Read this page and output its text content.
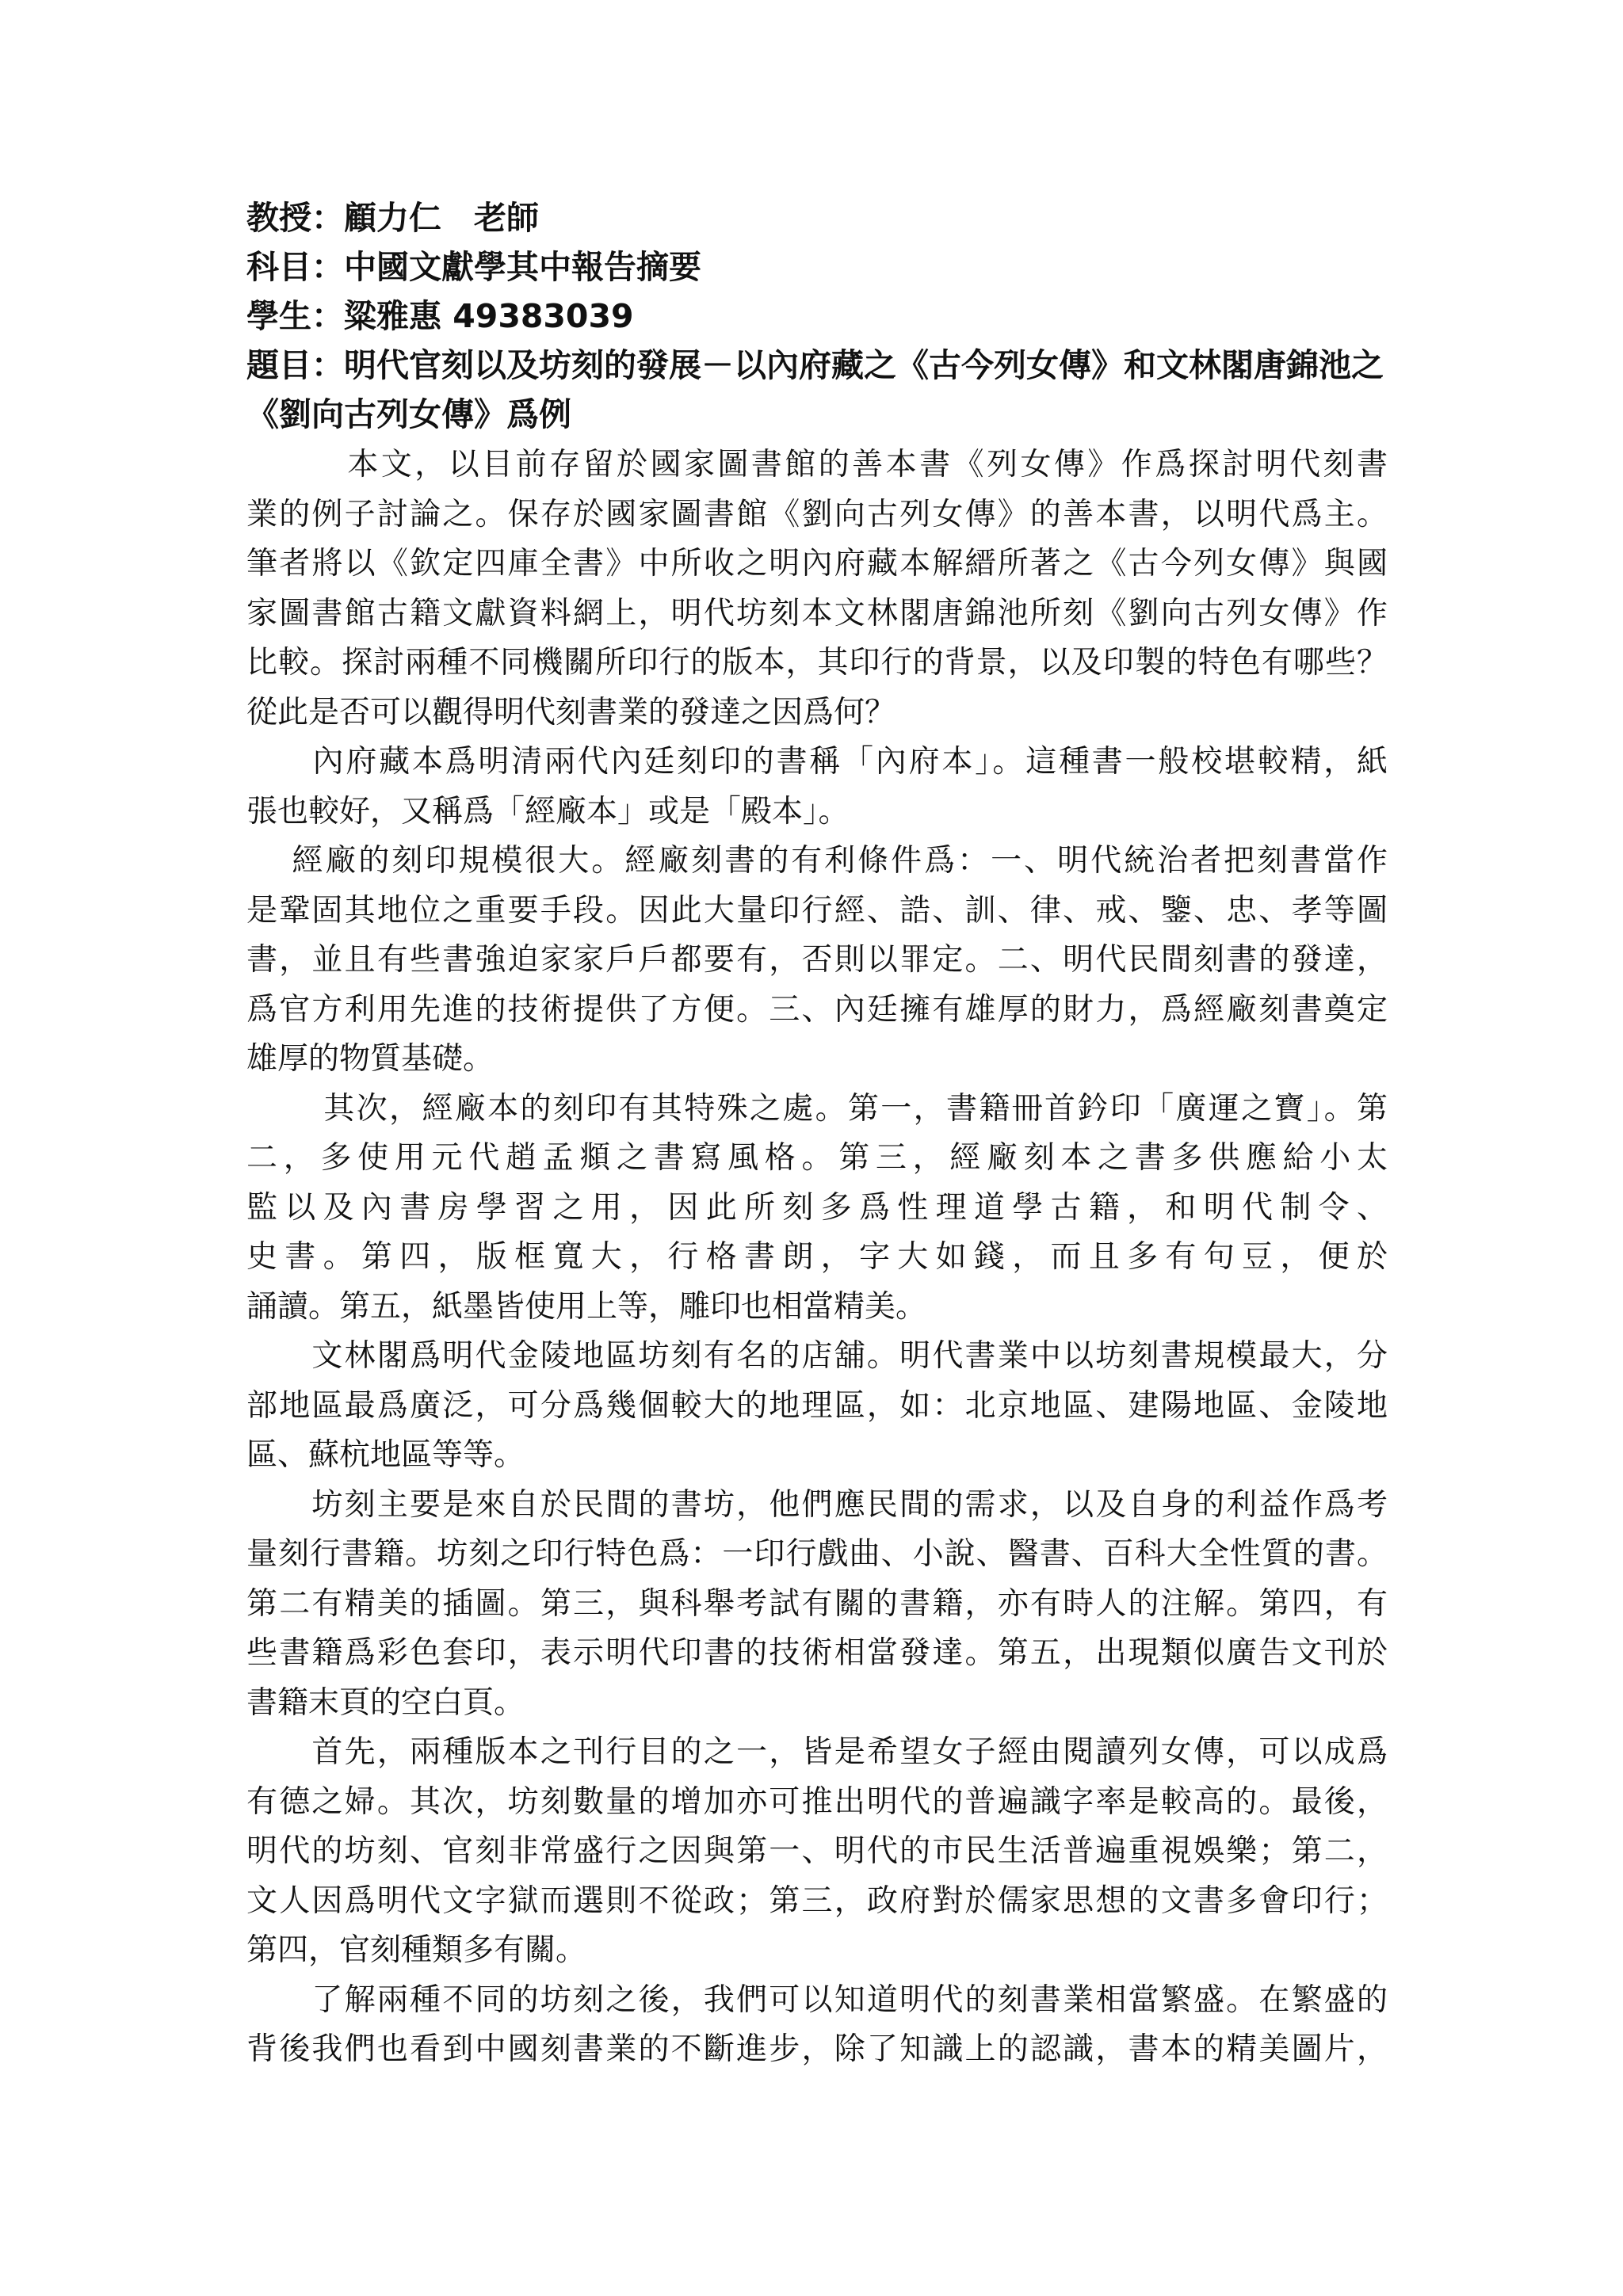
教授：顧力仁　老師
科目：中國文獻學其中報告摘要
學生：粱雅惠 49383039
題目：明代官刻以及坊刻的發展－以內府藏之《古今列女傳》和文林閣唐錦池之
《劉向古列女傳》爲例
　　　本文，以目前存留於國家圖書館的善本書《列女傳》作爲探討明代刻書
業的例子討論之。保存於國家圖書館《劉向古列女傳》的善本書，以明代爲主。
筆者將以《欽定四庫全書》中所收之明內府藏本解縉所著之《古今列女傳》與國
家圖書館古籍文獻資料網上，明代坊刻本文林閣唐錦池所刻《劉向古列女傳》作
比較。探討兩種不同機關所印行的版本，其印行的背景，以及印製的特色有哪些？
從此是否可以觀得明代刻書業的發達之因爲何？
　　內府藏本爲明清兩代內廷刻印的書稱「內府本」。這種書一般校堪較精，紙
張也較好，又稱爲「經廠本」或是「殿本」。
　 經廠的刻印規模很大。經廠刻書的有利條件爲：一、明代統治者把刻書當作
是鞏固其地位之重要手段。因此大量印行經、誥、訓、律、戒、鑒、忠、孝等圖
書，並且有些書強迫家家戶戶都要有，否則以罪定。二、明代民間刻書的發達，
爲官方利用先進的技術提供了方便。三、內廷擁有雄厚的財力，爲經廠刻書奠定
雄厚的物質基礎。
　　 其次，經廠本的刻印有其特殊之處。第一，書籍冊首鈐印「廣運之寶」。第
二，多使用元代趙孟頫之書寫風格。第三，經廠刻本之書多供應給小太
監以及內書房學習之用，因此所刻多爲性理道學古籍，和明代制令、
史書。第四，版框寬大，行格書朗，字大如錢，而且多有句豆，便於
誦讀。第五，紙墨皆使用上等，雕印也相當精美。
　　文林閣爲明代金陵地區坊刻有名的店舖。明代書業中以坊刻書規模最大，分
部地區最爲廣泛，可分爲幾個較大的地理區，如：北京地區、建陽地區、金陵地
區、蘇杭地區等等。
　　坊刻主要是來自於民間的書坊，他們應民間的需求，以及自身的利益作爲考
量刻行書籍。坊刻之印行特色爲：一印行戲曲、小說、醫書、百科大全性質的書。
第二有精美的插圖。第三，與科舉考試有關的書籍，亦有時人的注解。第四，有
些書籍爲彩色套印，表示明代印書的技術相當發達。第五，出現類似廣告文刊於
書籍末頁的空白頁。
　　首先，兩種版本之刊行目的之一，皆是希望女子經由閱讀列女傳，可以成爲
有德之婦。其次，坊刻數量的增加亦可推出明代的普遍識字率是較高的。最後，
明代的坊刻、官刻非常盛行之因與第一、明代的市民生活普遍重視娛樂；第二，
文人因爲明代文字獄而選則不從政；第三，政府對於儒家思想的文書多會印行；
第四，官刻種類多有關。
　　了解兩種不同的坊刻之後，我們可以知道明代的刻書業相當繁盛。在繁盛的
背後我們也看到中國刻書業的不斷進步，除了知識上的認識，書本的精美圖片，
